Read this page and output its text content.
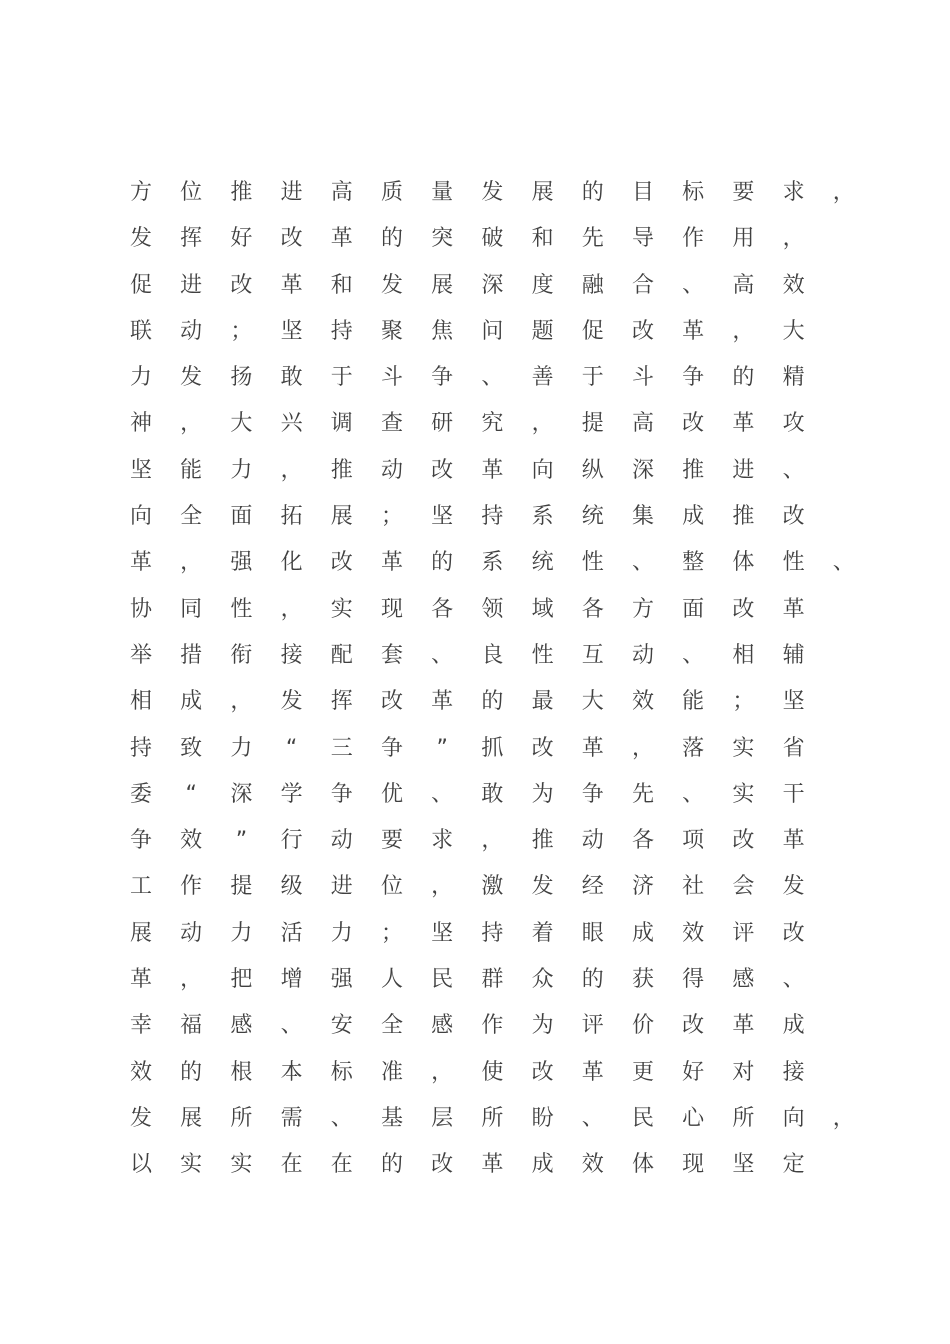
方	位	推	进	高	质	量	发	展	的	目	标	要	求	，
发	挥	好	改	革	的	突	破	和	先	导	作	用	，
促	进	改	革	和	发	展	深	度	融	合	、	高	效
联	动	；	坚	持	聚	焦	问	题	促	改	革	，	大
力	发	扬	敢	于	斗	争	、	善	于	斗	争	的	精
神	，	大	兴	调	查	研	究	，	提	高	改	革	攻
坚	能	力	，	推	动	改	革	向	纵	深	推	进	、
向	全	面	拓	展	；	坚	持	系	统	集	成	推	改
革	，	强	化	改	革	的	系	统	性	、	整	体	性	、
协	同	性	，	实	现	各	领	域	各	方	面	改	革
举	措	衔	接	配	套	、	良	性	互	动	、	相	辅
相	成	，	发	挥	改	革	的	最	大	效	能	；	坚
持	致	力	“	三	争	”	抓	改	革	，	落	实	省
委	“	深	学	争	优	、	敢	为	争	先	、	实	干
争	效	”	行	动	要	求	，	推	动	各	项	改	革
工	作	提	级	进	位	，	激	发	经	济	社	会	发
展	动	力	活	力	；	坚	持	着	眼	成	效	评	改
革	，	把	增	强	人	民	群	众	的	获	得	感	、
幸	福	感	、	安	全	感	作	为	评	价	改	革	成
效	的	根	本	标	准	，	使	改	革	更	好	对	接
发	展	所	需	、	基	层	所	盼	、	民	心	所	向	，
以	实	实	在	在	的	改	革	成	效	体	现	坚	定
